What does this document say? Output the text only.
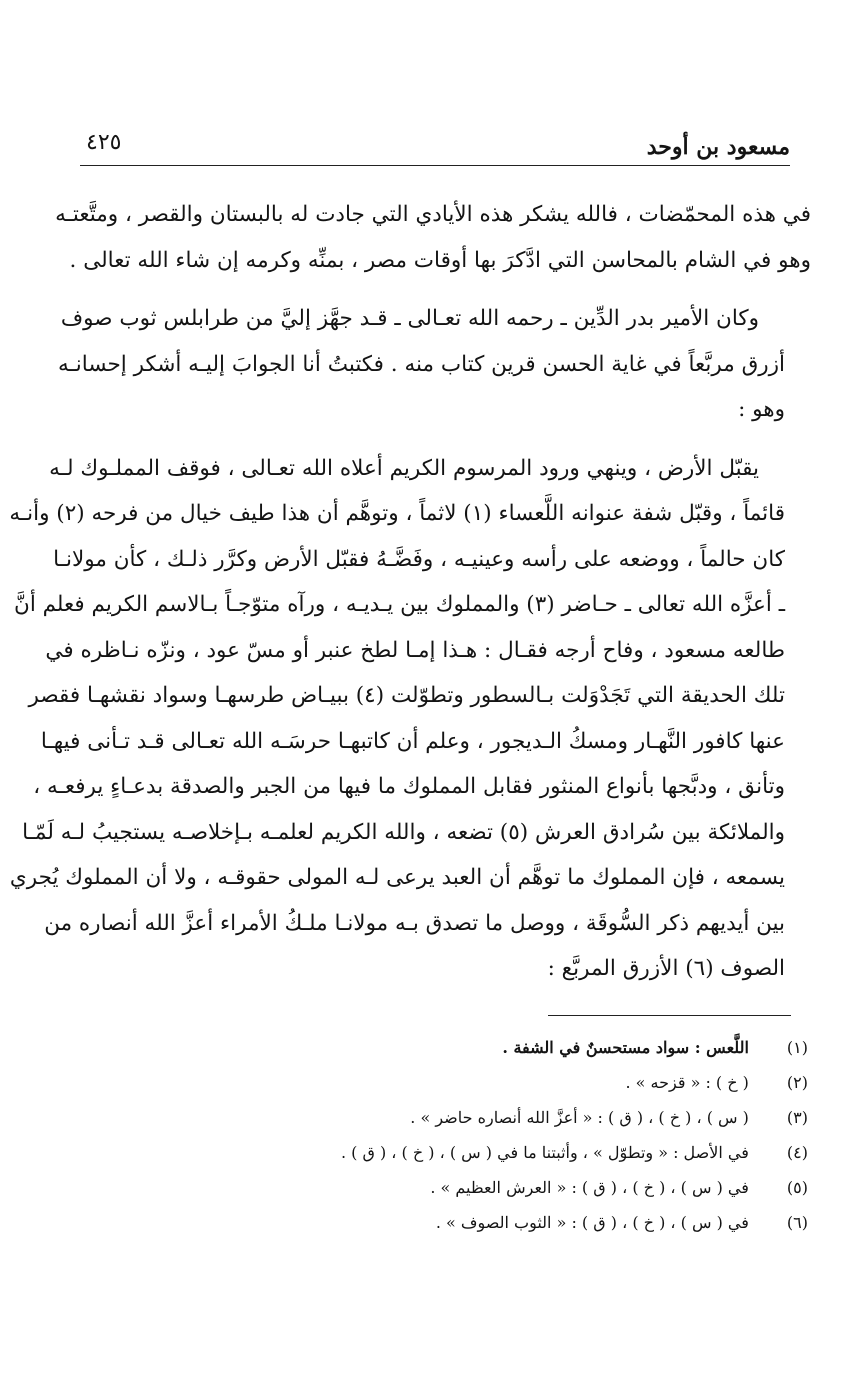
مسعود بن أوحد
٤٢٥

في هذه المحمّضات ، فالله يشكر هذه الأيادي التي جادت له بالبستان والقصر ، ومتَّعتـه
وهو في الشام بالمحاسن التي ادَّكرَ بها أوقات مصر ، بمنِّه وكرمه إن شاء الله تعالى .

وكان الأمير بدر الدِّين ـ رحمه الله تعـالى ـ قـد جهَّز إليَّ من طرابلس ثوب صوف
أزرق مربَّعاً في غاية الحسن قرين كتاب منه . فكتبتُ أنا الجوابَ إليـه أشكر إحسانـه
وهو :

يقبّل الأرض ، وينهي ورود المرسوم الكريم أعلاه الله تعـالى ، فوقف المملـوك لـه
قائماً ، وقبّل شفة عنوانه اللَّعساء (١) لاثماً ، وتوهَّم أن هذا طيف خيال من فرحه (٢) وأنـه
كان حالماً ، ووضعه على رأسه وعينيـه ، وفَضَّـهُ فقبّل الأرض وكرَّر ذلـك ، كأن مولانـا
ـ أعزَّه الله تعالى ـ حـاضر (٣) والمملوك بين يـديـه ، ورآه متوّجـاً بـالاسم الكريم فعلم أنَّ
طالعه مسعود ، وفاح أرجه فقـال : هـذا إمـا لطخ عنبر أو مسّ عود ، ونزّه نـاظره في
تلك الحديقة التي تَجَدْوَلت بـالسطور وتطوّلت (٤) ببيـاض طرسهـا وسواد نقشهـا فقصر
عنها كافور النَّهـار ومسكُ الـديجور ، وعلم أن كاتبهـا حرسَـه الله تعـالى قـد تـأنى فيهـا
وتأنق ، ودبَّجها بأنواع المنثور فقابل المملوك ما فيها من الجبر والصدقة بدعـاءٍ يرفعـه ،
والملائكة بين سُرادق العرش (٥) تضعه ، والله الكريم لعلمـه بـإخلاصـه يستجيبُ لـه لَمّـا
يسمعه ، فإن المملوك ما توهَّم أن العبد يرعى لـه المولى حقوقـه ، ولا أن المملوك يُجري
بين أيديهم ذكر السُّوقَة ، ووصل ما تصدق بـه مولانـا ملـكُ الأمراء أعزَّ الله أنصاره من
الصوف (٦) الأزرق المربَّع :

(١) اللَّعس : سواد مستحسنٌ في الشفة .
(٢) ( خ ) : « قزحه » .
(٣) ( س ) ، ( خ ) ، ( ق ) : « أعزَّ الله أنصاره حاضر » .
(٤) في الأصل : « وتطوّل » ، وأثبتنا ما في ( س ) ، ( خ ) ، ( ق ) .
(٥) في ( س ) ، ( خ ) ، ( ق ) : « العرش العظيم » .
(٦) في ( س ) ، ( خ ) ، ( ق ) : « الثوب الصوف » .
